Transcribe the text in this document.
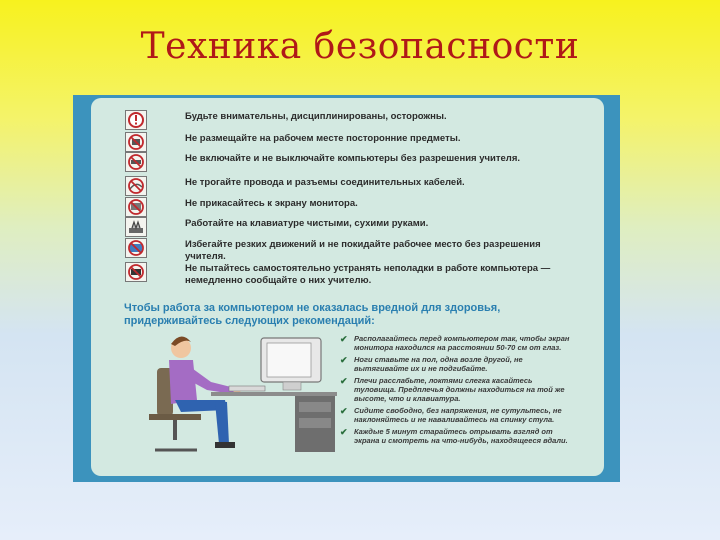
Техника безопасности
Будьте внимательны, дисциплинированы, осторожны.
Не размещайте на рабочем месте посторонние предметы.
Не включайте и не выключайте компьютеры без разрешения учителя.
Не трогайте провода и разъемы соединительных кабелей.
Не прикасайтесь к экрану монитора.
Работайте на клавиатуре чистыми, сухими руками.
Избегайте резких движений и не покидайте рабочее место без разрешения учителя.
Не пытайтесь самостоятельно устранять неполадки в работе компьютера — немедленно сообщайте о них учителю.
Чтобы работа за компьютером не оказалась вредной для здоровья, придерживайтесь следующих рекомендаций:
✔ Располагайтесь перед компьютером так, чтобы экран монитора находился на расстоянии 50-70 см от глаз.
✔ Ноги ставьте на пол, одна возле другой, не вытягивайте их и не подгибайте.
✔ Плечи расслабьте, локтями слегка касайтесь туловища. Предплечья должны находиться на той же высоте, что и клавиатура.
✔ Сидите свободно, без напряжения, не сутультесь, не наклоняйтесь и не наваливайтесь на спинку стула.
✔ Каждые 5 минут старайтесь отрывать взгляд от экрана и смотреть на что-нибудь, находящееся вдали.
